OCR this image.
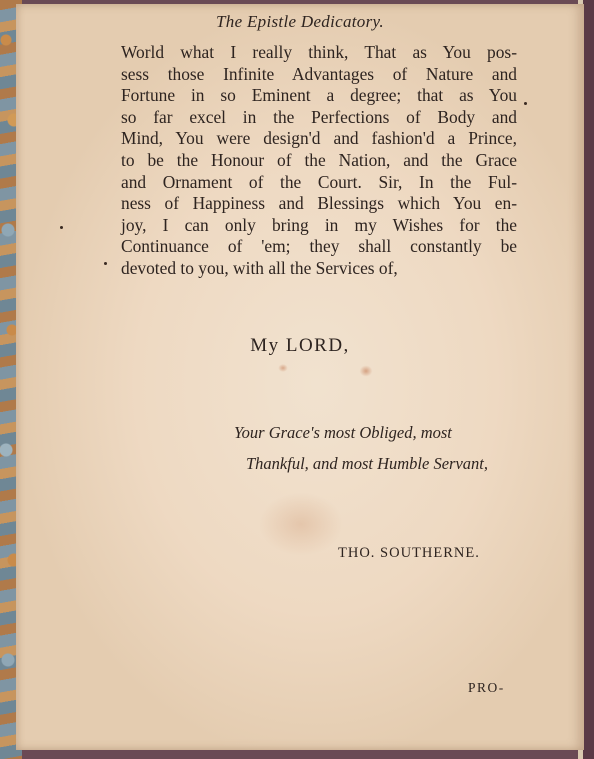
The Epistle Dedicatory.
World what I really think, That as You pos-
sess those Infinite Advantages of Nature and
Fortune in so Eminent a degree; that as You
so far excel in the Perfections of Body and
Mind, You were design'd and fashion'd a Prince,
to be the Honour of the Nation, and the Grace
and Ornament of the Court. Sir, In the Ful-
ness of Happiness and Blessings which You en-
joy, I can only bring in my Wishes for the
Continuance of 'em; they shall constantly be
devoted to you, with all the Services of,
My LORD,
Your Grace's most Obliged, most
Thankful, and most Humble Servant,
THO. SOUTHERNE.
PRO-
